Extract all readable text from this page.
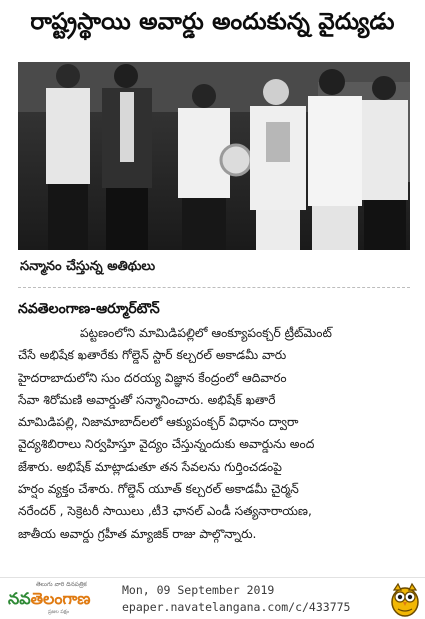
రాష్ట్రస్థాయి అవార్డు అందుకున్న వైద్యుడు
సన్మానం చేస్తున్న అతిథులు
నవతెలంగాణ-ఆర్మూర్‌టౌన్‌
పట్టణంలోని మామిడిపల్లిలో ఆంక్యూపంక్చర్‌ ట్రీట్‌మెంట్‌
చేసే అభిషేక ఖతారేకు గోల్డెన్‌ స్టార్‌ కల్చరల్‌ అకాడమీ వారు
హైదరాబాదులోని సుం దరయ్య విజ్ఞాన కేంద్రంలో ఆదివారం
సేవా శిరోమణి అవార్డుతో సన్మానించారు. అభిషేక్‌ ఖతారే
మామిడిపల్లి, నిజామాబాద్‌లలో ఆక్యుపంక్చర్‌ విధానం ద్వారా
వైద్యశిబిరాలు నిర్వహిస్తూ వైద్యం చేస్తున్నందుకు అవార్డును అంద
జేశారు. అభిషేక్‌ మాట్లాడుతూ తన సేవలను గుర్తించడంపై
హర్షం వ్యక్తం చేశారు. గోల్డెన్‌ యూత్‌ కల్చరల్‌ అకాడమీ చైర్మన్‌
నరేందర్‌ , సెక్రెటరీ సాయిలు ,టీ3 ఛానల్‌ ఎండీ సత్యనారాయణ,
జాతీయ అవార్డు గ్రహీత మ్యాజిక్‌ రాజు పాల్గొన్నారు.
తెలుగు వారి దినపత్రిక
నవతెలంగాణ
ప్రజల పక్షం
Mon, 09 September 2019
epaper.navatelangana.com/c/433775
